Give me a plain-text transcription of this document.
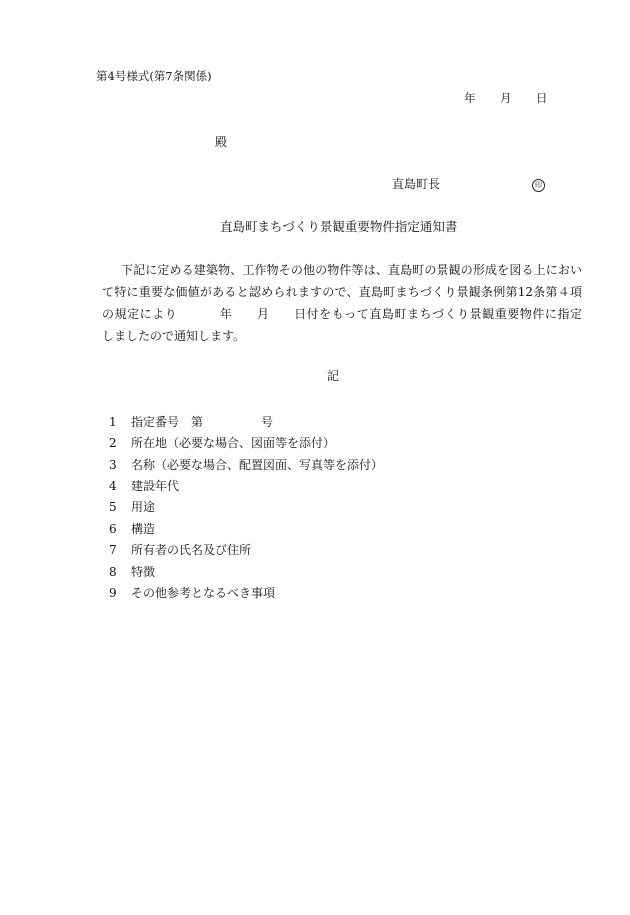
第4号様式(第7条関係)
年 月 日
殿
直島町長	印
直島町まちづくり景観重要物件指定通知書
下記に定める建築物、工作物その他の物件等は、直島町の景観の形成を図る上におい
て特に重要な価値があると認められますので、直島町まちづくり景観条例第12条第４項
の規定により	年 月 日付をもって直島町まちづくり景観重要物件に指定
しましたので通知します。
記
1 指定番号　第	号
2 所在地（必要な場合、図面等を添付）
3 名称（必要な場合、配置図面、写真等を添付）
4 建設年代
5 用途
6 構造
7 所有者の氏名及び住所
8 特徴
9 その他参考となるべき事項
